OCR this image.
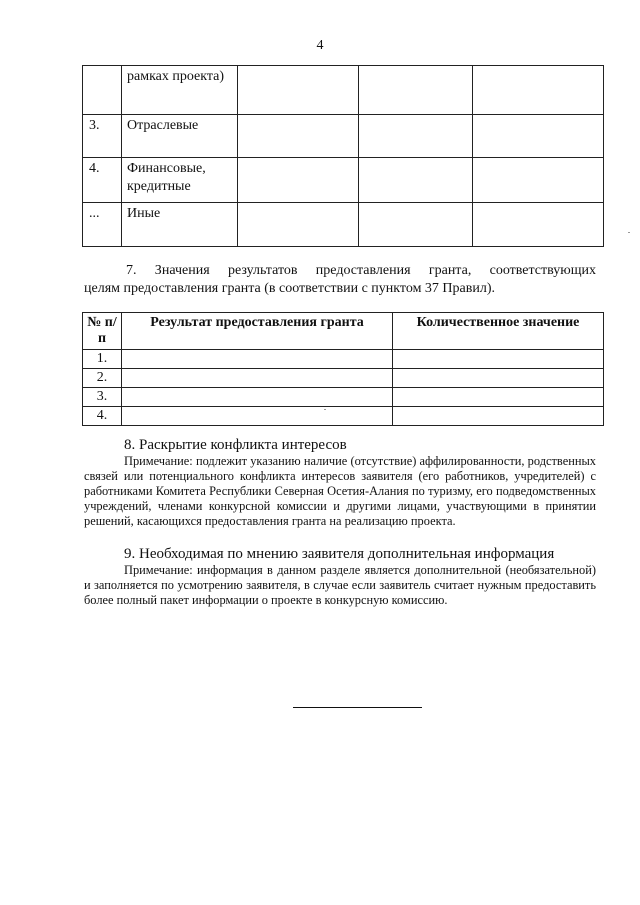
4
	рамках проекта)			
3.	Отраслевые			
4.	Финансовые, кредитные			
...	Иные			
7. Значения результатов предоставления гранта, соответствующих
целям предоставления гранта (в соответствии с пунктом 37 Правил).
№ п/п	Результат предоставления гранта	Количественное значение
1.		
2.		
3.		
4.		
8. Раскрытие конфликта интересов
Примечание: подлежит указанию наличие (отсутствие) аффилированности, родственных связей или потенциального конфликта интересов заявителя (его работников, учредителей) с работниками Комитета Республики Северная Осетия-Алания по туризму, его подведомственных учреждений, членами конкурсной комиссии и другими лицами, участвующими в принятии решений, касающихся предоставления гранта на реализацию проекта.
9. Необходимая по мнению заявителя дополнительная информация
Примечание: информация в данном разделе является дополнительной (необязательной) и заполняется по усмотрению заявителя, в случае если заявитель считает нужным предоставить более полный пакет информации о проекте в конкурсную комиссию.
